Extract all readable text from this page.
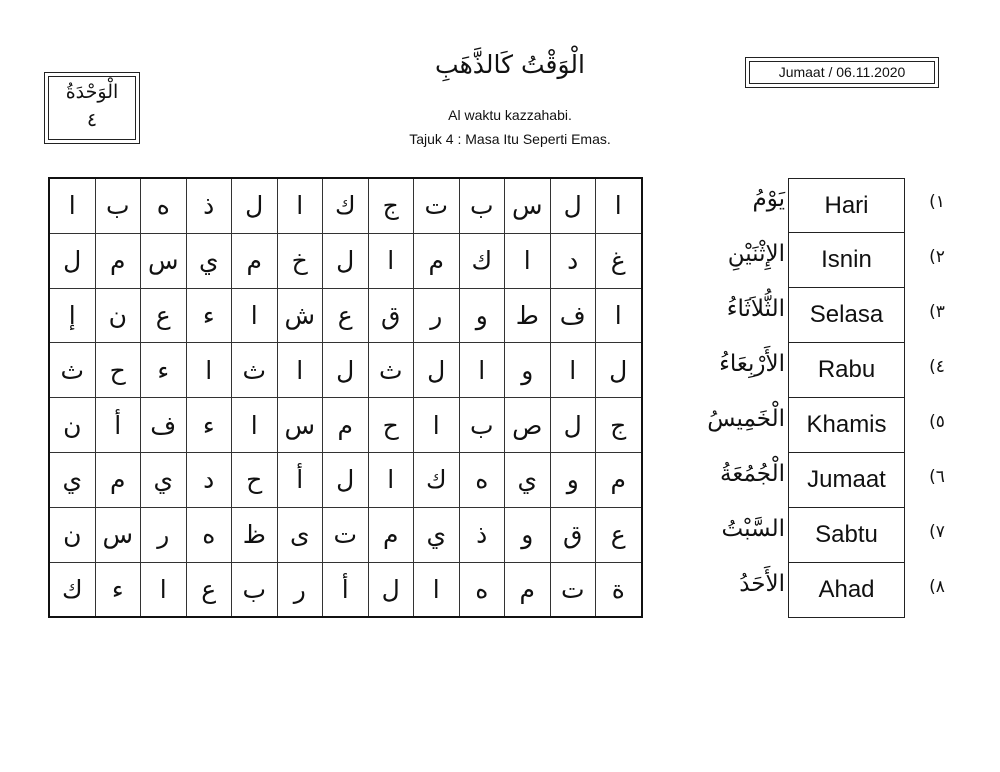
الْوَحْدَةُ
٤
الْوَقْتُ كَالذَّهَبِ
Al waktu kazzahabi.
Tajuk 4 : Masa Itu Seperti Emas.
Jumaat / 06.11.2020
ا	ب	ه	ذ	ل	ا	ك	ج	ت	ب	س	ل	ا
ل	م	س	ي	م	خ	ل	ا	م	ك	ا	د	غ
إ	ن	ع	ء	ا	ش	ع	ق	ر	و	ط	ف	ا
ث	ح	ء	ا	ث	ا	ل	ث	ل	ا	و	ا	ل
ن	أ	ف	ء	ا	س	م	ح	ا	ب	ص	ل	ج
ي	م	ي	د	ح	أ	ل	ا	ك	ه	ي	و	م
ن	س	ر	ه	ظ	ى	ت	م	ي	ذ	و	ق	ع
ك	ء	ا	ع	ب	ر	أ	ل	ا	ه	م	ت	ة
يَوْمُ	Hari	١)
الإِثْنَيْنِ	Isnin	٢)
الثُّلاَثَاءُ	Selasa	٣)
الأَرْبِعَاءُ	Rabu	٤)
الْخَمِيسُ Khamis	٥)
الْجُمُعَةُ Jumaat	٦)
السَّبْتُ	Sabtu	٧)
الأَحَدُ	Ahad	٨)
